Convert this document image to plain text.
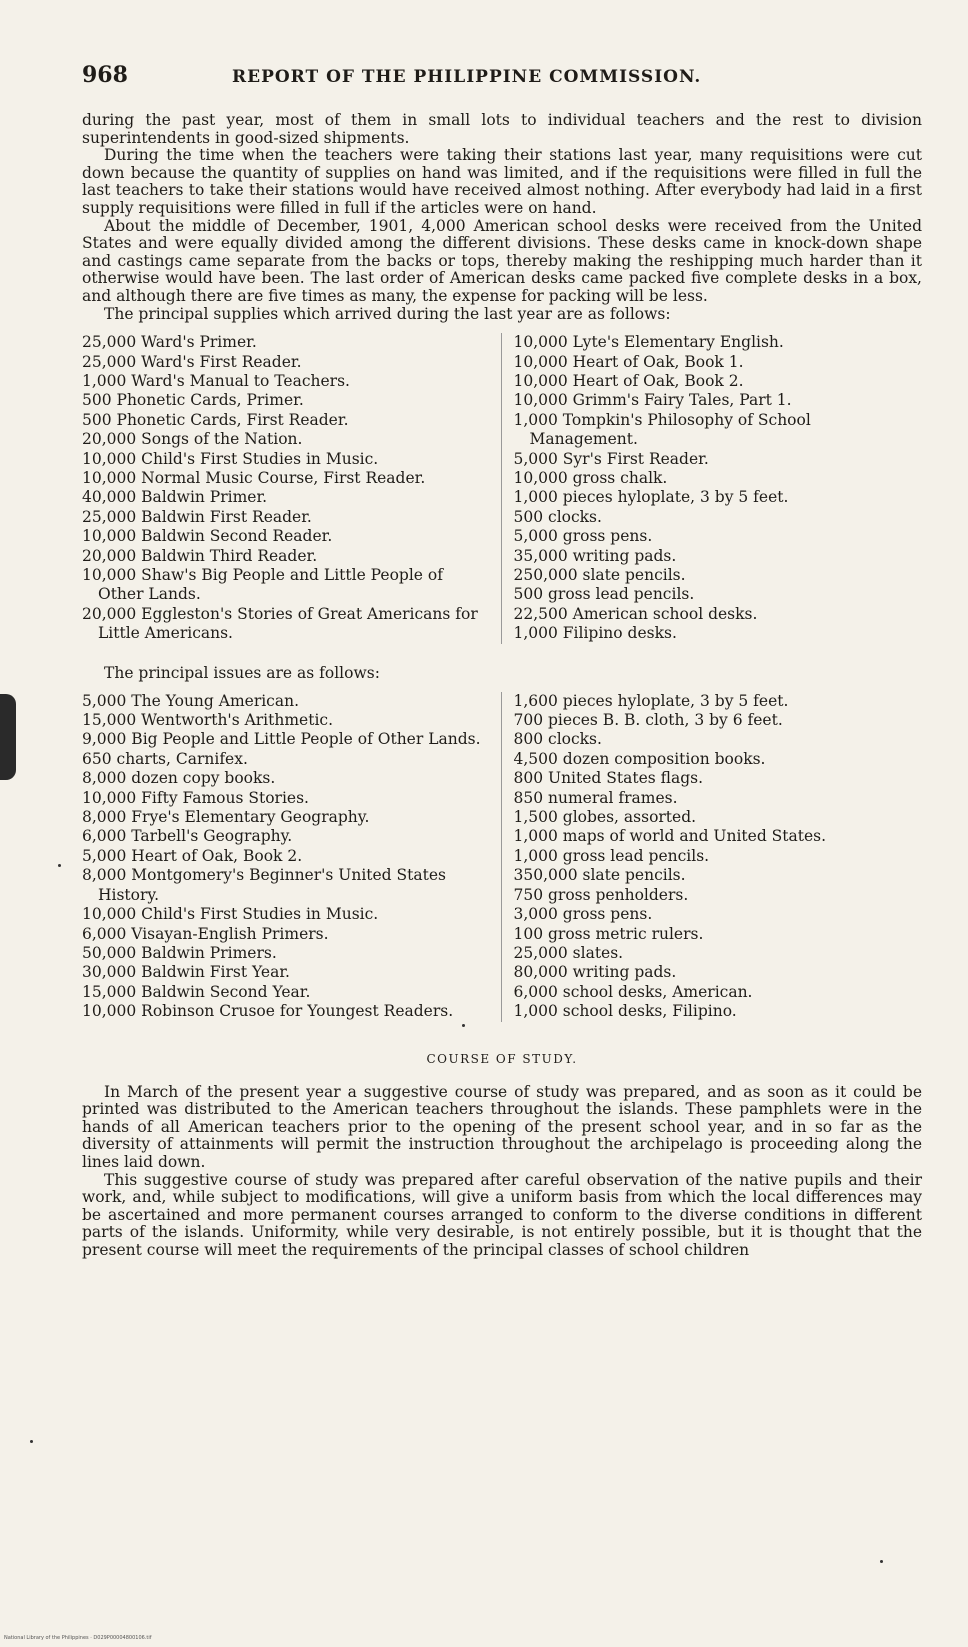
968	REPORT OF THE PHILIPPINE COMMISSION.

during the past year, most of them in small lots to individual teachers and the rest to division superintendents in good-sized shipments.

During the time when the teachers were taking their stations last year, many requisitions were cut down because the quantity of supplies on hand was limited, and if the requisitions were filled in full the last teachers to take their stations would have received almost nothing. After everybody had laid in a first supply requisitions were filled in full if the articles were on hand.

About the middle of December, 1901, 4,000 American school desks were received from the United States and were equally divided among the different divisions. These desks came in knock-down shape and castings came separate from the backs or tops, thereby making the reshipping much harder than it otherwise would have been. The last order of American desks came packed five complete desks in a box, and although there are five times as many, the expense for packing will be less.

The principal supplies which arrived during the last year are as follows:

25,000 Ward's Primer.
25,000 Ward's First Reader.
1,000 Ward's Manual to Teachers.
500 Phonetic Cards, Primer.
500 Phonetic Cards, First Reader.
20,000 Songs of the Nation.
10,000 Child's First Studies in Music.
10,000 Normal Music Course, First Reader.
40,000 Baldwin Primer.
25,000 Baldwin First Reader.
10,000 Baldwin Second Reader.
20,000 Baldwin Third Reader.
10,000 Shaw's Big People and Little People of Other Lands.
20,000 Eggleston's Stories of Great Americans for Little Americans.
10,000 Lyte's Elementary English.
10,000 Heart of Oak, Book 1.
10,000 Heart of Oak, Book 2.
10,000 Grimm's Fairy Tales, Part 1.
1,000 Tompkin's Philosophy of School Management.
5,000 Syr's First Reader.
10,000 gross chalk.
1,000 pieces hyloplate, 3 by 5 feet.
500 clocks.
5,000 gross pens.
35,000 writing pads.
250,000 slate pencils.
500 gross lead pencils.
22,500 American school desks.
1,000 Filipino desks.
The principal issues are as follows:
5,000 The Young American.
15,000 Wentworth's Arithmetic.
9,000 Big People and Little People of Other Lands.
650 charts, Carnifex.
8,000 dozen copy books.
10,000 Fifty Famous Stories.
8,000 Frye's Elementary Geography.
6,000 Tarbell's Geography.
5,000 Heart of Oak, Book 2.
8,000 Montgomery's Beginner's United States History.
10,000 Child's First Studies in Music.
6,000 Visayan-English Primers.
50,000 Baldwin Primers.
30,000 Baldwin First Year.
15,000 Baldwin Second Year.
10,000 Robinson Crusoe for Youngest Readers.
1,600 pieces hyloplate, 3 by 5 feet.
700 pieces B. B. cloth, 3 by 6 feet.
800 clocks.
4,500 dozen composition books.
800 United States flags.
850 numeral frames.
1,500 globes, assorted.
1,000 maps of world and United States.
1,000 gross lead pencils.
350,000 slate pencils.
750 gross penholders.
3,000 gross pens.
100 gross metric rulers.
25,000 slates.
80,000 writing pads.
6,000 school desks, American.
1,000 school desks, Filipino.
COURSE OF STUDY.

In March of the present year a suggestive course of study was prepared, and as soon as it could be printed was distributed to the American teachers throughout the islands. These pamphlets were in the hands of all American teachers prior to the opening of the present school year, and in so far as the diversity of attainments will permit the instruction throughout the archipelago is proceeding along the lines laid down.

This suggestive course of study was prepared after careful observation of the native pupils and their work, and, while subject to modifications, will give a uniform basis from which the local differences may be ascertained and more permanent courses arranged to conform to the diverse conditions in different parts of the islands. Uniformity, while very desirable, is not entirely possible, but it is thought that the present course will meet the requirements of the principal classes of school children

National Library of the Philippines · D029P00004800106.tif
